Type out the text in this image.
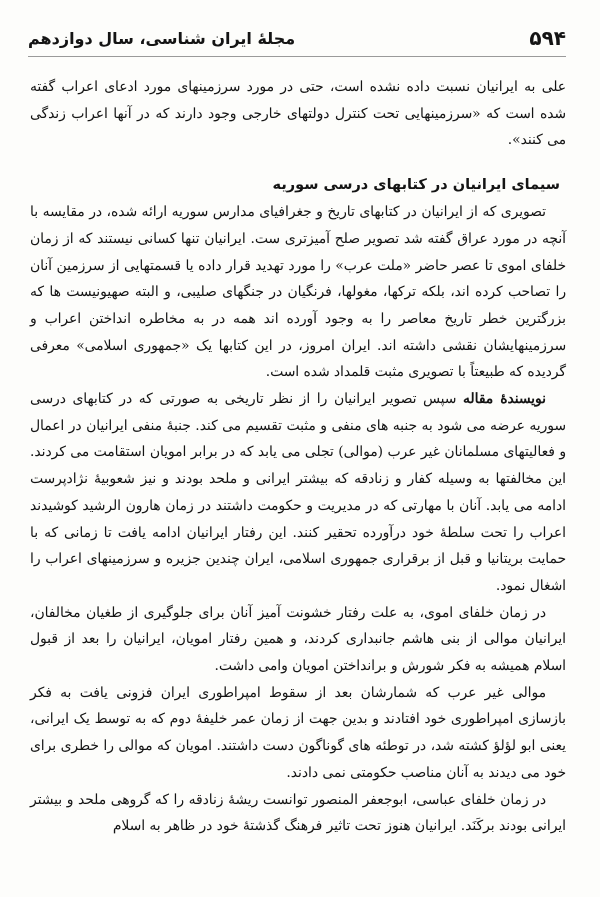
۵۹۴
مجلۀ ایران شناسی، سال دوازدهم

علی به ایرانیان نسبت داده نشده است، حتی در مورد سرزمینهای مورد ادعای اعراب گفته شده است که «سرزمینهایی تحت کنترل دولتهای خارجی وجود دارند که در آنها اعراب زندگی می کنند».

سیمای ایرانیان در کتابهای درسی سوریه

تصویری که از ایرانیان در کتابهای تاریخ و جغرافیای مدارس سوریه ارائه شده، در مقایسه با آنچه در مورد عراق گفته شد تصویر صلح آمیزتری ست. ایرانیان تنها کسانی نیستند که از زمان خلفای اموی تا عصر حاضر «ملت عرب» را مورد تهدید قرار داده یا قسمتهایی از سرزمین آنان را تصاحب کرده اند، بلکه ترکها، مغولها، فرنگیان در جنگهای صلیبی، و البته صهیونیست ها که بزرگترین خطر تاریخ معاصر را به وجود آورده اند همه در به مخاطره انداختن اعراب و سرزمینهایشان نقشی داشته اند. ایران امروز، در این کتابها یک «جمهوری اسلامی» معرفی گردیده که طبیعتاً با تصویری مثبت قلمداد شده است.

نویسندۀ مقاله سپس تصویر ایرانیان را از نظر تاریخی به صورتی که در کتابهای درسی سوریه عرضه می شود به جنبه های منفی و مثبت تقسیم می کند. جنبۀ منفی ایرانیان در اعمال و فعالیتهای مسلمانان غیر عرب (موالی) تجلی می یابد که در برابر امویان استقامت می کردند. این مخالفتها به وسیله کفار و زنادقه که بیشتر ایرانی و ملحد بودند و نیز شعوبیۀ نژادپرست ادامه می یابد. آنان با مهارتی که در مدیریت و حکومت داشتند در زمان هارون الرشید کوشیدند اعراب را تحت سلطۀ خود درآورده تحقیر کنند. این رفتار ایرانیان ادامه یافت تا زمانی که با حمایت بریتانیا و قبل از برقراری جمهوری اسلامی، ایران چندین جزیره و سرزمینهای اعراب را اشغال نمود.

در زمان خلفای اموی، به علت رفتار خشونت آمیز آنان برای جلوگیری از طغیان مخالفان، ایرانیان موالی از بنی هاشم جانبداری کردند، و همین رفتار امویان، ایرانیان را بعد از قبول اسلام همیشه به فکر شورش و برانداختن امویان وامی داشت.

موالی غیر عرب که شمارشان بعد از سقوط امپراطوری ایران فزونی یافت به فکر بازسازی امپراطوری خود افتادند و بدین جهت از زمان عمر خلیفۀ دوم که به توسط یک ایرانی، یعنی ابو لؤلؤ کشته شد، در توطئه های گوناگون دست داشتند. امویان که موالی را خطری برای خود می دیدند به آنان مناصب حکومتی نمی دادند.

در زمان خلفای عباسی، ابوجعفر المنصور توانست ریشۀ زنادقه را که گروهی ملحد و بیشتر ایرانی بودند برکَنَد. ایرانیان هنوز تحت تاثیر فرهنگ گذشتۀ خود در ظاهر به اسلام
